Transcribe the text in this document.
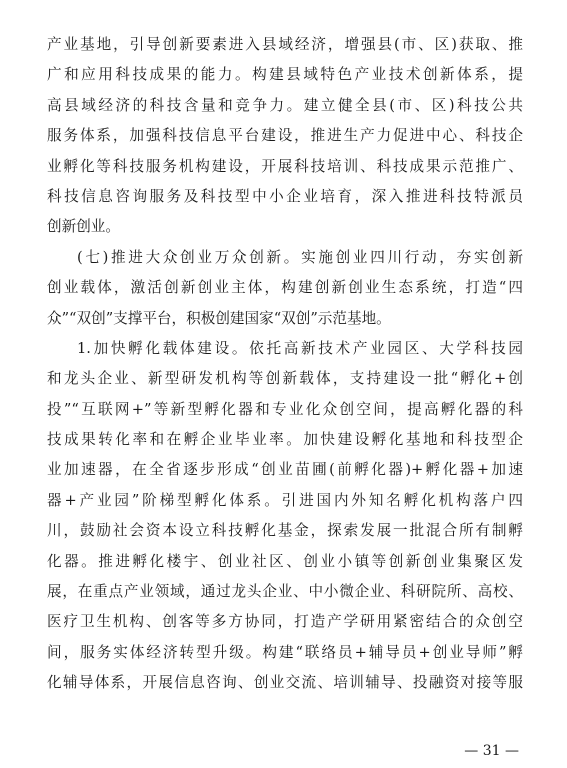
产业基地，引导创新要素进入县域经济，增强县(市、区)获取、推
广和应用科技成果的能力。构建县域特色产业技术创新体系，提
高县域经济的科技含量和竞争力。建立健全县(市、区)科技公共
服务体系，加强科技信息平台建设，推进生产力促进中心、科技企
业孵化等科技服务机构建设，开展科技培训、科技成果示范推广、
科技信息咨询服务及科技型中小企业培育，深入推进科技特派员
创新创业。
(七)推进大众创业万众创新。实施创业四川行动，夯实创新
创业载体，激活创新创业主体，构建创新创业生态系统，打造“四
众”“双创”支撑平台，积极创建国家“双创”示范基地。
1.加快孵化载体建设。依托高新技术产业园区、大学科技园
和龙头企业、新型研发机构等创新载体，支持建设一批“孵化+创
投”“互联网+”等新型孵化器和专业化众创空间，提高孵化器的科
技成果转化率和在孵企业毕业率。加快建设孵化基地和科技型企
业加速器，在全省逐步形成“创业苗圃(前孵化器)+孵化器+加速
器+产业园”阶梯型孵化体系。引进国内外知名孵化机构落户四
川，鼓励社会资本设立科技孵化基金，探索发展一批混合所有制孵
化器。推进孵化楼宇、创业社区、创业小镇等创新创业集聚区发
展，在重点产业领域，通过龙头企业、中小微企业、科研院所、高校、
医疗卫生机构、创客等多方协同，打造产学研用紧密结合的众创空
间，服务实体经济转型升级。构建“联络员+辅导员+创业导师”孵
化辅导体系，开展信息咨询、创业交流、培训辅导、投融资对接等服
— 31 —
